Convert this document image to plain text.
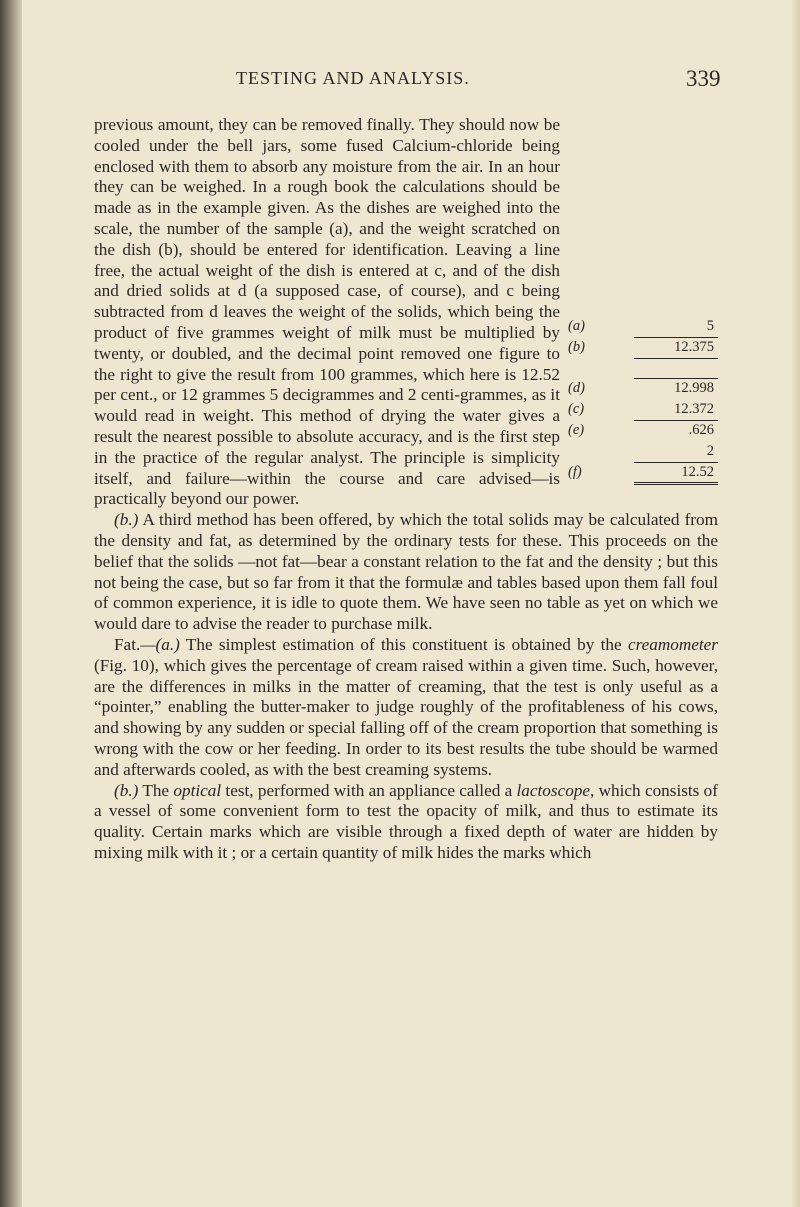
TESTING AND ANALYSIS.	339
(a)	5
(b)	12.375

(d)	12.998
(c)	12.372
(e)	.626
2
(f)	12.52

previous amount, they can be removed finally. They should now be cooled under the bell jars, some fused Calcium-chloride being enclosed with them to absorb any moisture from the air. In an hour they can be weighed. In a rough book the calculations should be made as in the example given. As the dishes are weighed into the scale, the number of the sample (a), and the weight scratched on the dish (b), should be entered for identification. Leaving a line free, the actual weight of the dish is entered at c, and of the dish and dried solids at d (a supposed case, of course), and c being subtracted from d leaves the weight of the solids, which being the product of five grammes weight of milk must be multiplied by twenty, or doubled, and the decimal point removed one figure to the right to give the result from 100 grammes, which here is 12.52 per cent., or 12 grammes 5 decigrammes and 2 centi-grammes, as it would read in weight. This method of drying the water gives a result the nearest possible to absolute accuracy, and is the first step in the practice of the regular analyst. The principle is simplicity itself, and failure—within the course and care advised—is practically beyond our power.

(b.) A third method has been offered, by which the total solids may be calculated from the density and fat, as determined by the ordinary tests for these. This proceeds on the belief that the solids —not fat—bear a constant relation to the fat and the density ; but this not being the case, but so far from it that the formulæ and tables based upon them fall foul of common experience, it is idle to quote them. We have seen no table as yet on which we would dare to advise the reader to purchase milk.

Fat.—(a.) The simplest estimation of this constituent is obtained by the creamometer (Fig. 10), which gives the percentage of cream raised within a given time. Such, however, are the differences in milks in the matter of creaming, that the test is only useful as a “pointer,” enabling the butter-maker to judge roughly of the profitableness of his cows, and showing by any sudden or special falling off of the cream proportion that something is wrong with the cow or her feeding. In order to its best results the tube should be warmed and afterwards cooled, as with the best creaming systems.

(b.) The optical test, performed with an appliance called a lactoscope, which consists of a vessel of some convenient form to test the opacity of milk, and thus to estimate its quality. Certain marks which are visible through a fixed depth of water are hidden by mixing milk with it ; or a certain quantity of milk hides the marks which
